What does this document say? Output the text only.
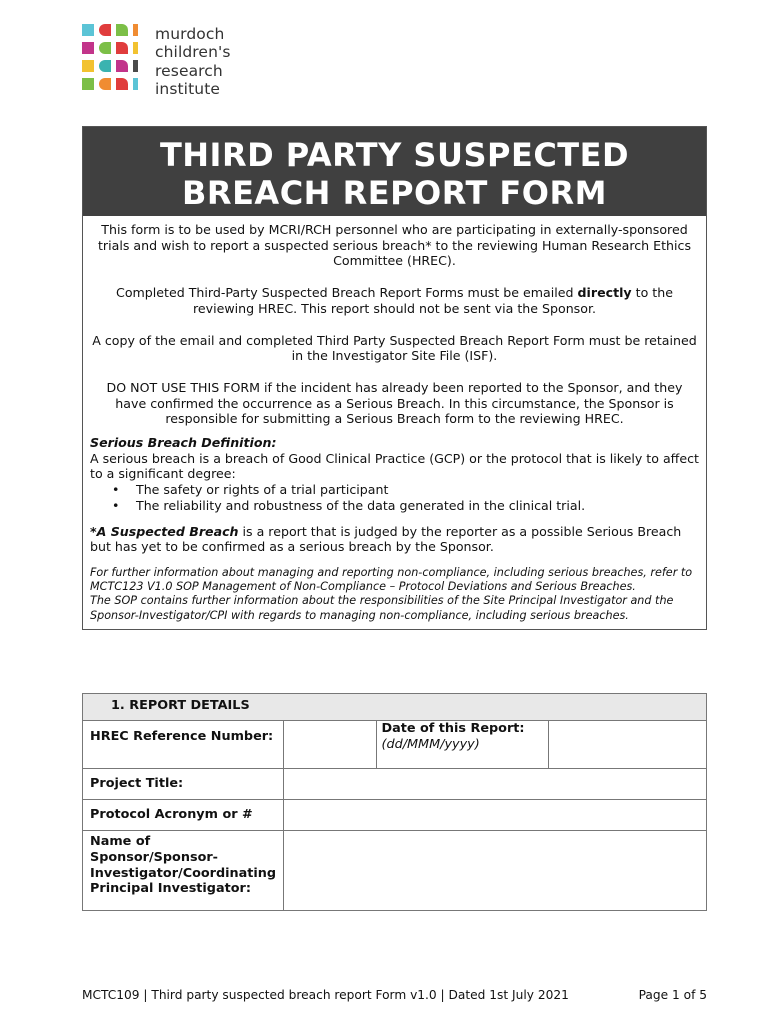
murdoch
children's
research
institute
THIRD PARTY SUSPECTED
BREACH REPORT FORM

This form is to be used by MCRI/RCH personnel who are participating in externally-sponsored trials and wish to report a suspected serious breach* to the reviewing Human Research Ethics Committee (HREC).

Completed Third-Party Suspected Breach Report Forms must be emailed directly to the reviewing HREC. This report should not be sent via the Sponsor.

A copy of the email and completed Third Party Suspected Breach Report Form must be retained in the Investigator Site File (ISF).

DO NOT USE THIS FORM if the incident has already been reported to the Sponsor, and they have confirmed the occurrence as a Serious Breach. In this circumstance, the Sponsor is responsible for submitting a Serious Breach form to the reviewing HREC.

Serious Breach Definition:

A serious breach is a breach of Good Clinical Practice (GCP) or the protocol that is likely to affect to a significant degree:

• The safety or rights of a trial participant
• The reliability and robustness of the data generated in the clinical trial.

*A Suspected Breach is a report that is judged by the reporter as a possible Serious Breach but has yet to be confirmed as a serious breach by the Sponsor.

For further information about managing and reporting non-compliance, including serious breaches, refer to MCTC123 V1.0 SOP Management of Non-Compliance – Protocol Deviations and Serious Breaches.

The SOP contains further information about the responsibilities of the Site Principal Investigator and the Sponsor-Investigator/CPI with regards to managing non-compliance, including serious breaches.

1. REPORT DETAILS			
HREC Reference Number:		Date of this Report:
(dd/MMM/yyyy)	

Project Title:			
Protocol Acronym or #			
Name of Sponsor/Sponsor-Investigator/Coordinating Principal Investigator:			
MCTC109 | Third party suspected breach report Form v1.0 | Dated 1st July 2021	Page 1 of 5
